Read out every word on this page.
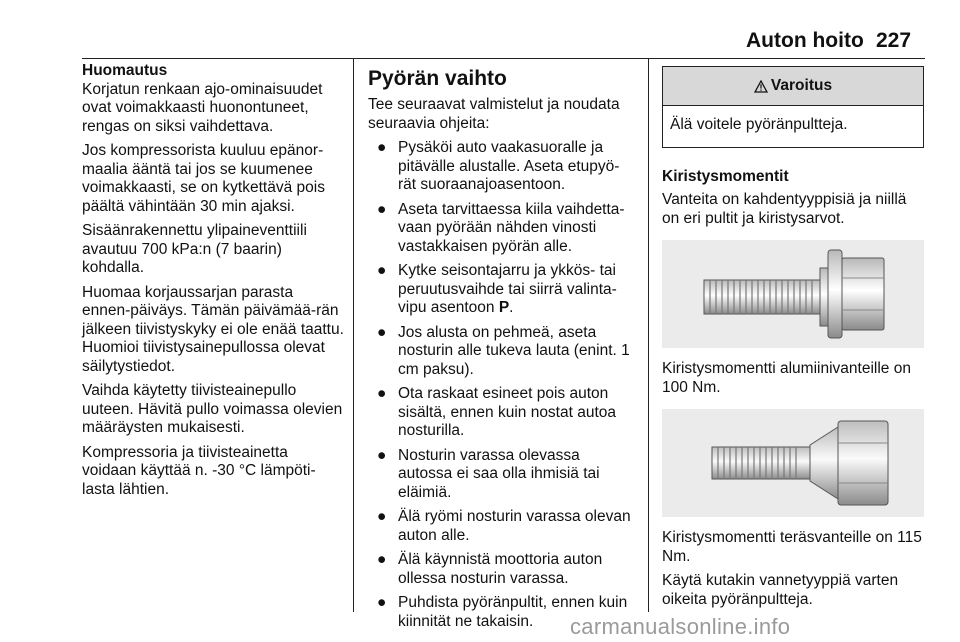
Auton hoito 227
Huomautus

Korjatun renkaan ajo-ominaisuudet ovat voimakkaasti huonontuneet, rengas on siksi vaihdettava.

Jos kompressorista kuuluu epänor-maalia ääntä tai jos se kuumenee voimakkaasti, se on kytkettävä pois päältä vähintään 30 min ajaksi.

Sisäänrakennettu ylipaineventtiili avautuu 700 kPa:n (7 baarin) kohdalla.

Huomaa korjaussarjan parasta ennen-päiväys. Tämän päivämää-rän jälkeen tiivistyskyky ei ole enää taattu. Huomioi tiivistysainepullossa olevat säilytystiedot.

Vaihda käytetty tiivisteainepullo uuteen. Hävitä pullo voimassa olevien määräysten mukaisesti.

Kompressoria ja tiivisteainetta voidaan käyttää n. -30 °C lämpöti-lasta lähtien.

Pyörän vaihto

Tee seuraavat valmistelut ja noudata seuraavia ohjeita:

● Pysäköi auto vaakasuoralle ja pitävälle alustalle. Aseta etupyö-rät suoraanajoasentoon.
● Aseta tarvittaessa kiila vaihdetta-vaan pyörään nähden vinosti vastakkaisen pyörän alle.
● Kytke seisontajarru ja ykkös- tai peruutusvaihde tai siirrä valinta-vipu asentoon P.
● Jos alusta on pehmeä, aseta nosturin alle tukeva lauta (enint. 1 cm paksu).
● Ota raskaat esineet pois auton sisältä, ennen kuin nostat autoa nosturilla.
● Nosturin varassa olevassa autossa ei saa olla ihmisiä tai eläimiä.
● Älä ryömi nosturin varassa olevan auton alle.
● Älä käynnistä moottoria auton ollessa nosturin varassa.
● Puhdista pyöränpultit, ennen kuin kiinnität ne takaisin.
Varoitus
Älä voitele pyöränpultteja.
Kiristysmomentit

Vanteita on kahdentyyppisiä ja niillä on eri pultit ja kiristysarvot.

Kiristysmomentti alumiinivanteille on 100 Nm.

Kiristysmomentti teräsvanteille on 115 Nm.

Käytä kutakin vannetyyppiä varten oikeita pyöränpultteja.

carmanualsonline.info
